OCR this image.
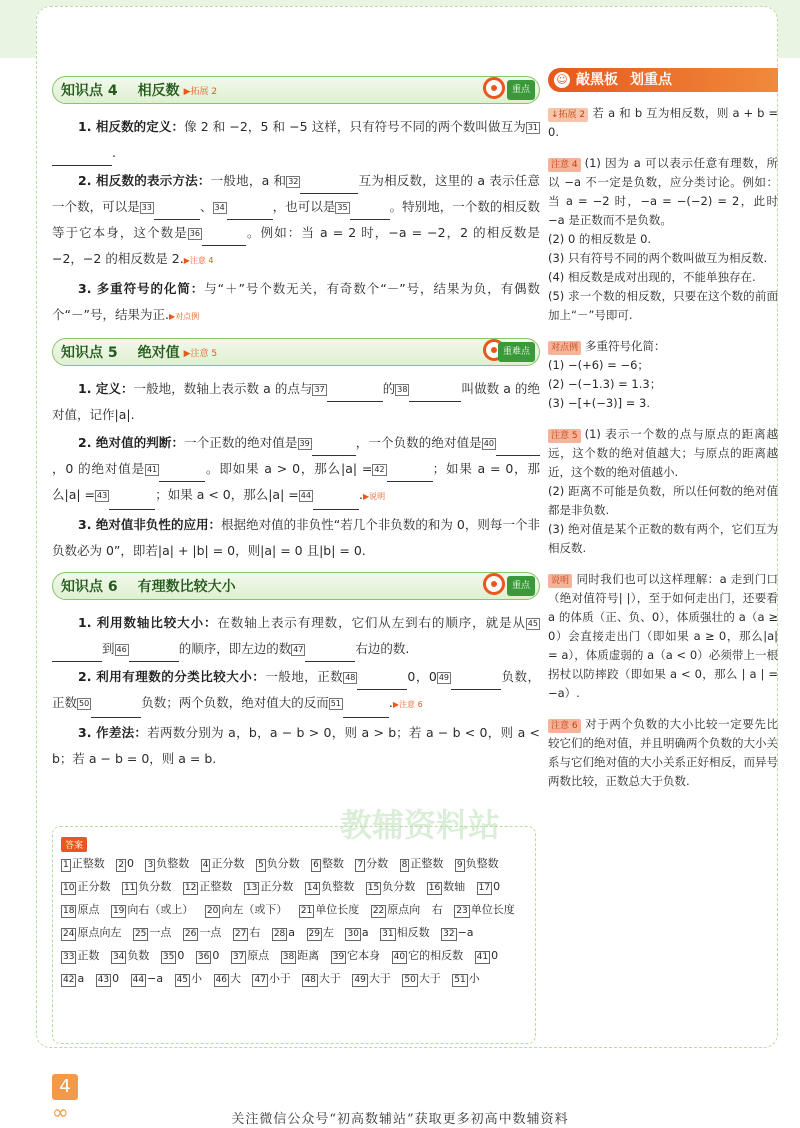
教辅资料站
知识点 4 相反数 ▶拓展 2	重点

1. 相反数的定义：像 2 和 −2，5 和 −5 这样，只有符号不同的两个数叫做互为 31.

2. 相反数的表示方法：一般地，a 和 32	互为相反数，这里的 a 表示任意一个数，可以是 33	、 34	，也可以是 35	。特别地，一个数的相反数等于它本身，这个数是 36	。例如：当 a = 2 时，−a = −2，2 的相反数是 −2，−2 的相反数是 2.▶注意 4

3. 多重符号的化简：与“＋”号个数无关，有奇数个“－”号，结果为负，有偶数个“－”号，结果为正.▶对点例

知识点 5 绝对值 ▶注意 5	重难点

1. 定义：一般地，数轴上表示数 a 的点与 37	的 38	叫做数 a 的绝对值，记作|a|.

2. 绝对值的判断：一个正数的绝对值是 39	，一个负数的绝对值是 40，0 的绝对值是 41	。即如果 a > 0，那么|a| = 42	；如果 a = 0，那么|a| = 43	；如果 a < 0，那么|a| = 44	.▶说明

3. 绝对值非负性的应用：根据绝对值的非负性“若几个非负数的和为 0，则每一个非负数必为 0”，即若|a| + |b| = 0，则|a| = 0 且|b| = 0.

知识点 6 有理数比较大小	重点

1. 利用数轴比较大小：在数轴上表示有理数，它们从左到右的顺序，就是从 45到 46	的顺序，即左边的数 47	右边的数.

2. 利用有理数的分类比较大小：一般地，正数 48	0，0 49	负数，正数 50	负数；两个负数，绝对值大的反而 51	.▶注意 6

3. 作差法：若两数分别为 a，b，a − b > 0，则 a > b；若 a − b < 0，则 a < b；若 a − b = 0，则 a = b.

答案
1 正整数 2 0 3 负整数 4 正分数 5 负分数 6 整数 7 分数 8 正整数 9 负整数 10 正分数 11 负分数 12 正整数 13 正分数 14 负整数 15 负分数 16 数轴 17 0 18 原点 19 向右（或上） 20 向左（或下） 21 单位长度 22 原点向 右 23 单位长度 24 原点向左 25 一点 26 一点 27 右 28 a 29 左 30 a 31 相反数 32 −a 33 正数 34 负数 35 0 36 0 37 原点 38 距离 39 它本身 40 它的相反数 41 0 42 a 43 0 44 −a 45 小 46 大 47 小于 48 大于 49 大于 50 大于 51 小
☺ 敲黑板 划重点
↓拓展 2 若 a 和 b 互为相反数，则 a + b = 0.

注意 4 (1) 因为 a 可以表示任意有理数，所以 −a 不一定是负数，应分类讨论。例如：当 a = −2 时，−a = −(−2) = 2，此时 −a 是正数而不是负数。

(2) 0 的相反数是 0.

(3) 只有符号不同的两个数叫做互为相反数.

(4) 相反数是成对出现的，不能单独存在.

(5) 求一个数的相反数，只要在这个数的前面加上“－”号即可.

对点例 多重符号化简：

(1) −(+6) = −6；

(2) −(−1.3) = 1.3；

(3) −[+(−3)] = 3.

注意 5 (1) 表示一个数的点与原点的距离越远，这个数的绝对值越大；与原点的距离越近，这个数的绝对值越小.

(2) 距离不可能是负数，所以任何数的绝对值都是非负数.

(3) 绝对值是某个正数的数有两个，它们互为相反数.

说明 同时我们也可以这样理解：a 走到门口（绝对值符号| |），至于如何走出门，还要看 a 的体质（正、负、0），体质强壮的 a（a ≥ 0）会直接走出门（即如果 a ≥ 0，那么|a| = a），体质虚弱的 a（a < 0）必须带上一根拐杖以防摔跤（即如果 a < 0，那么 | a | = −a）.
注意 6 对于两个负数的大小比较一定要先比较它们的绝对值，并且明确两个负数的大小关系与它们绝对值的大小关系正好相反，而异号两数比较，正数总大于负数.
4
∞	关注微信公众号“初高数辅站”获取更多初高中数辅资料
